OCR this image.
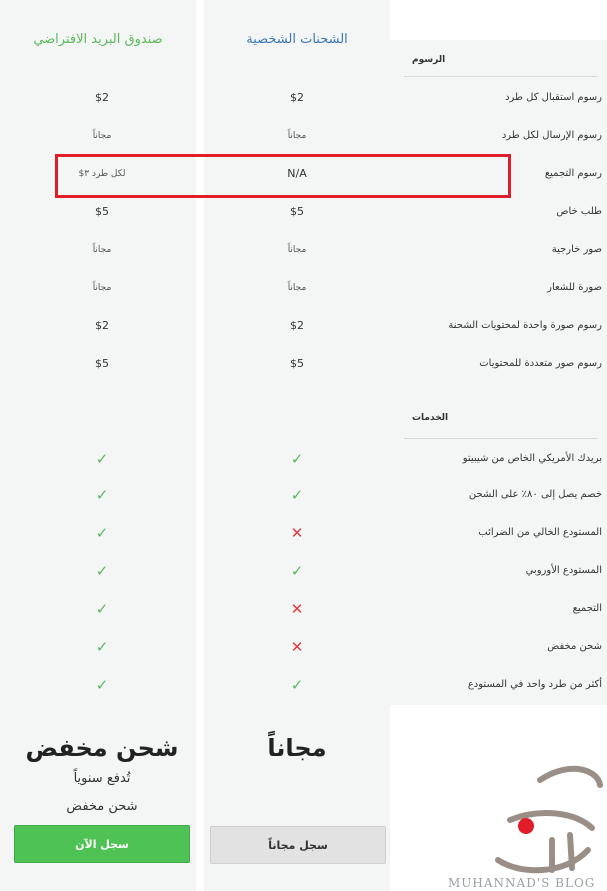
صندوق البريد الافتراضي	الشحنات الشخصية
الرسوم
رسوم استقبال كل طرد
$2
$2
رسوم الإرسال لكل طرد
مجاناً
مجاناً
رسوم التجميع
N/A
$۳ لكل طرد
طلب خاص
$5
$5
صور خارجية
مجاناً
مجاناً
صورة للشعار
مجاناً
مجاناً
رسوم صورة واحدة لمحتويات الشحنة
$2
$2
رسوم صور متعددة للمحتويات
$5
$5
الخدمات
بريدك الأمريكي الخاص من شيبيتو
✓
✓
خصم يصل إلى ٨٠٪ على الشحن
✓
✓
المستودع الخالي من الضرائب
✕
✓
المستودع الأوروبي
✓
✓
التجميع
✕
✓
شحن مخفض
✕
✓
أكثر من طرد واحد في المستودع
✓
✓
شحن مخفض
تُدفع سنوياً
شحن مخفض
مجاناً
سجل الآن	سجل مجاناً
MUHANNAD'S BLOG
